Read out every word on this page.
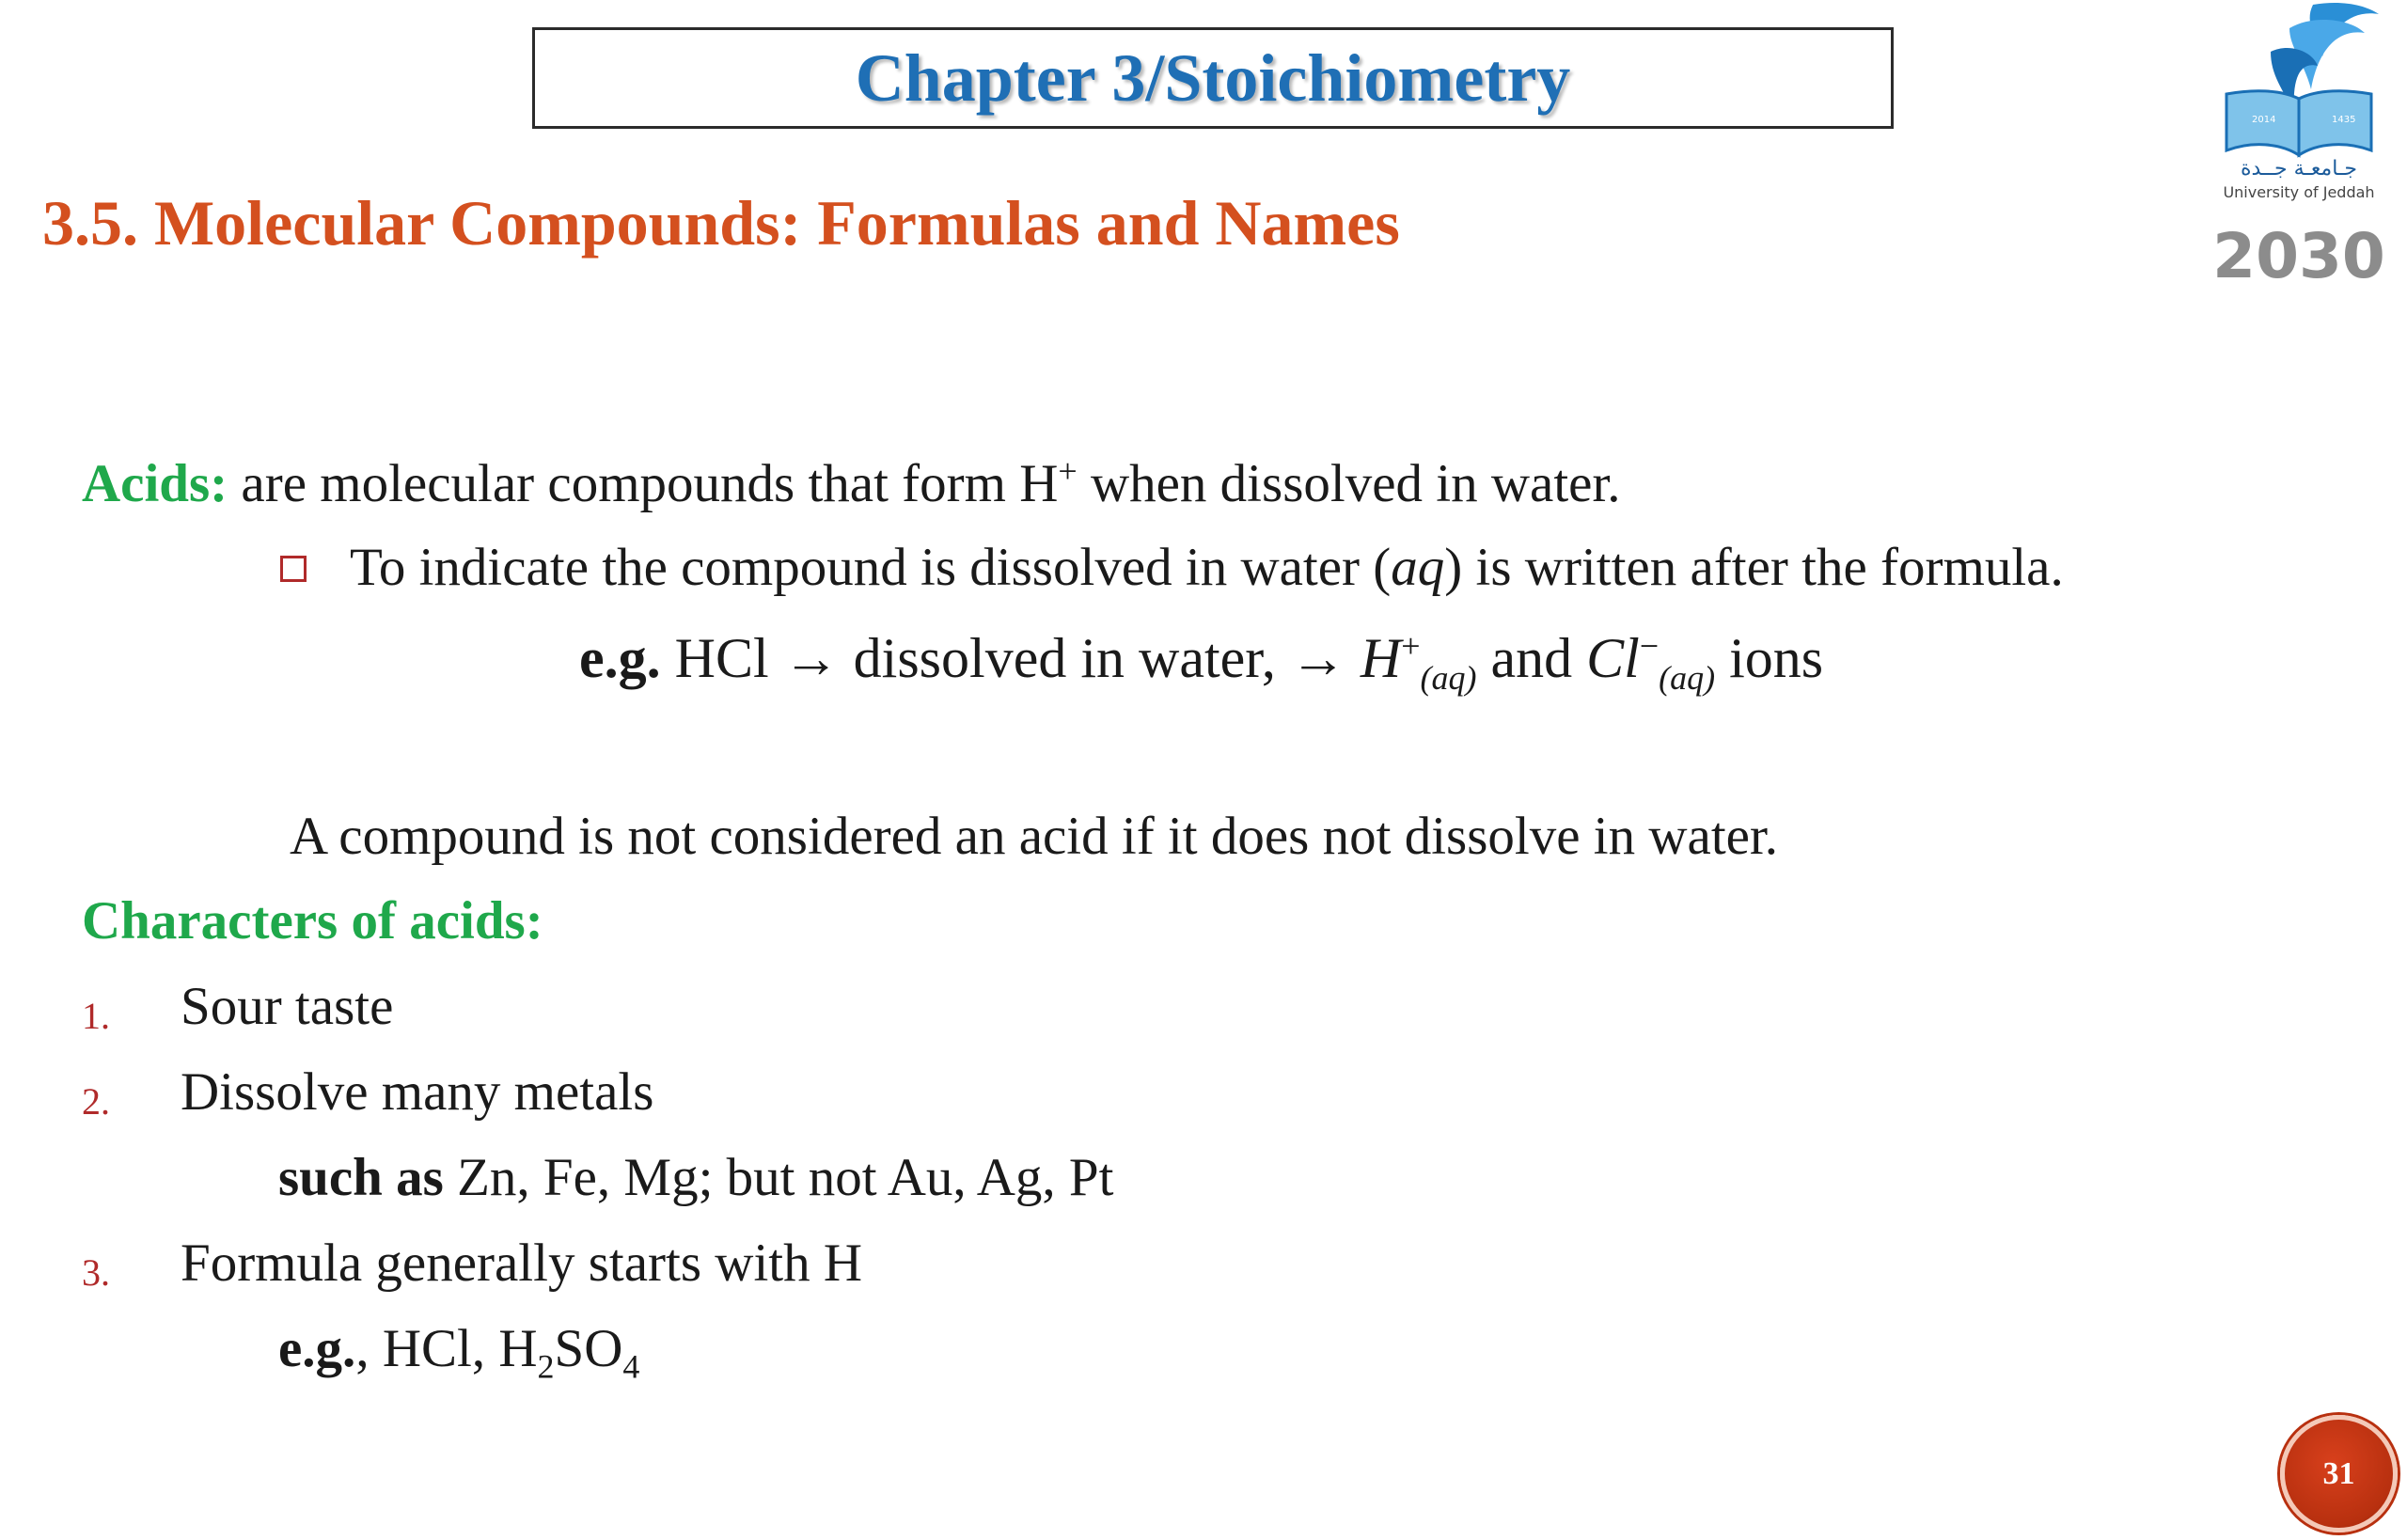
Chapter 3/Stoichiometry
3.5. Molecular Compounds: Formulas and Names
2014	1435
جـامعـة جــدة
University of Jeddah
2030
Acids: are molecular compounds that form H+ when dissolved in water.
To indicate the compound is dissolved in water (aq) is written after the formula.
e.g. HCl → dissolved in water, → $H^+_{(aq)}$ and $Cl^-_{(aq)}$ ions
A compound is not considered an acid if it does not dissolve in water.
Characters of acids:
1. Sour taste
2. Dissolve many metals
such as Zn, Fe, Mg; but not Au, Ag, Pt
3. Formula generally starts with H
e.g., HCl, $H_2SO_4$
31
